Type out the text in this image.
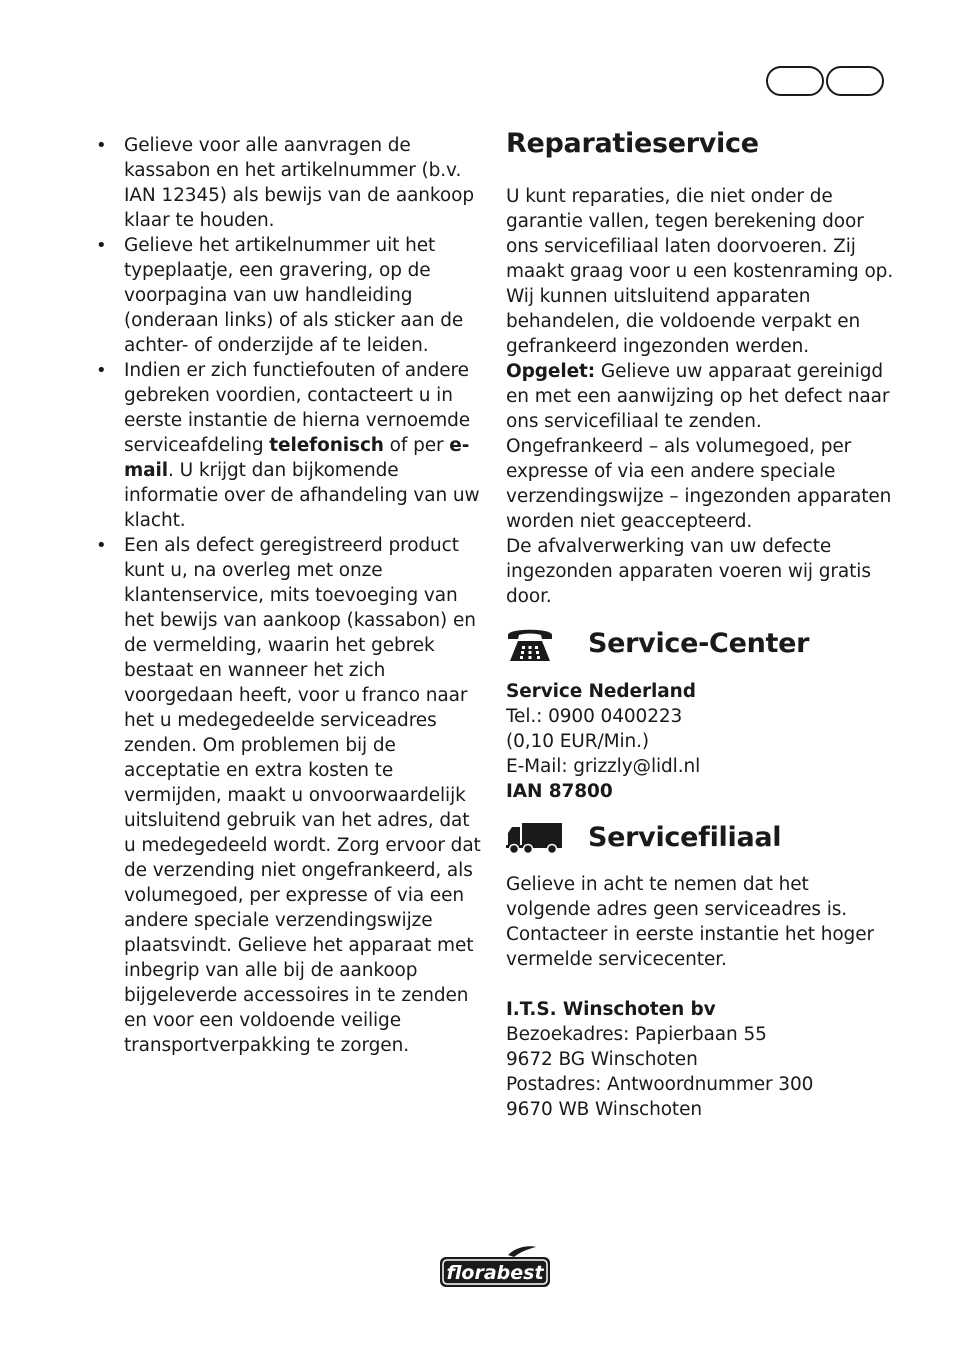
• Gelieve voor alle aanvragen de kassabon en het artikelnummer (b.v. IAN 12345) als bewijs van de aankoop klaar te houden.
• Gelieve het artikelnummer uit het typeplaatje, een gravering, op de voorpagina van uw handleiding (onderaan links) of als sticker aan de achter- of onderzijde af te leiden.
• Indien er zich functiefouten of andere gebreken voordien, contacteert u in eerste instantie de hierna vernoemde serviceafdeling telefonisch of per e-mail. U krijgt dan bijkomende informatie over de afhandeling van uw klacht.
• Een als defect geregistreerd product kunt u, na overleg met onze klantenservice, mits toevoeging van het bewijs van aankoop (kassabon) en de vermelding, waarin het gebrek bestaat en wanneer het zich voorgedaan heeft, voor u franco naar het u medegedeelde serviceadres zenden. Om problemen bij de acceptatie en extra kosten te vermijden, maakt u onvoorwaardelijk uitsluitend gebruik van het adres, dat u medegedeeld wordt. Zorg ervoor dat de verzending niet ongefrankeerd, als volumegoed, per expresse of via een andere speciale verzendingswijze plaatsvindt. Gelieve het apparaat met inbegrip van alle bij de aankoop bijgeleverde accessoires in te zenden en voor een voldoende veilige transportverpakking te zorgen.
Reparatieservice

U kunt reparaties, die niet onder de garantie vallen, tegen berekening door ons servicefiliaal laten doorvoeren. Zij maakt graag voor u een kostenraming op.

Wij kunnen uitsluitend apparaten behandelen, die voldoende verpakt en gefrankeerd ingezonden werden.

Opgelet: Gelieve uw apparaat gereinigd en met een aanwijzing op het defect naar ons servicefiliaal te zenden.

Ongefrankeerd – als volumegoed, per expresse of via een andere speciale verzendingswijze – ingezonden apparaten worden niet geaccepteerd.

De afvalverwerking van uw defecte ingezonden apparaten voeren wij gratis door.

Service-Center

Service Nederland

Tel.: 0900 0400223

(0,10 EUR/Min.)

E-Mail: grizzly@lidl.nl

IAN 87800

Servicefiliaal

Gelieve in acht te nemen dat het volgende adres geen serviceadres is. Contacteer in eerste instantie het hoger vermelde servicecenter.

I.T.S. Winschoten bv

Bezoekadres: Papierbaan 55

9672 BG Winschoten

Postadres: Antwoordnummer 300

9670 WB Winschoten

florabest
